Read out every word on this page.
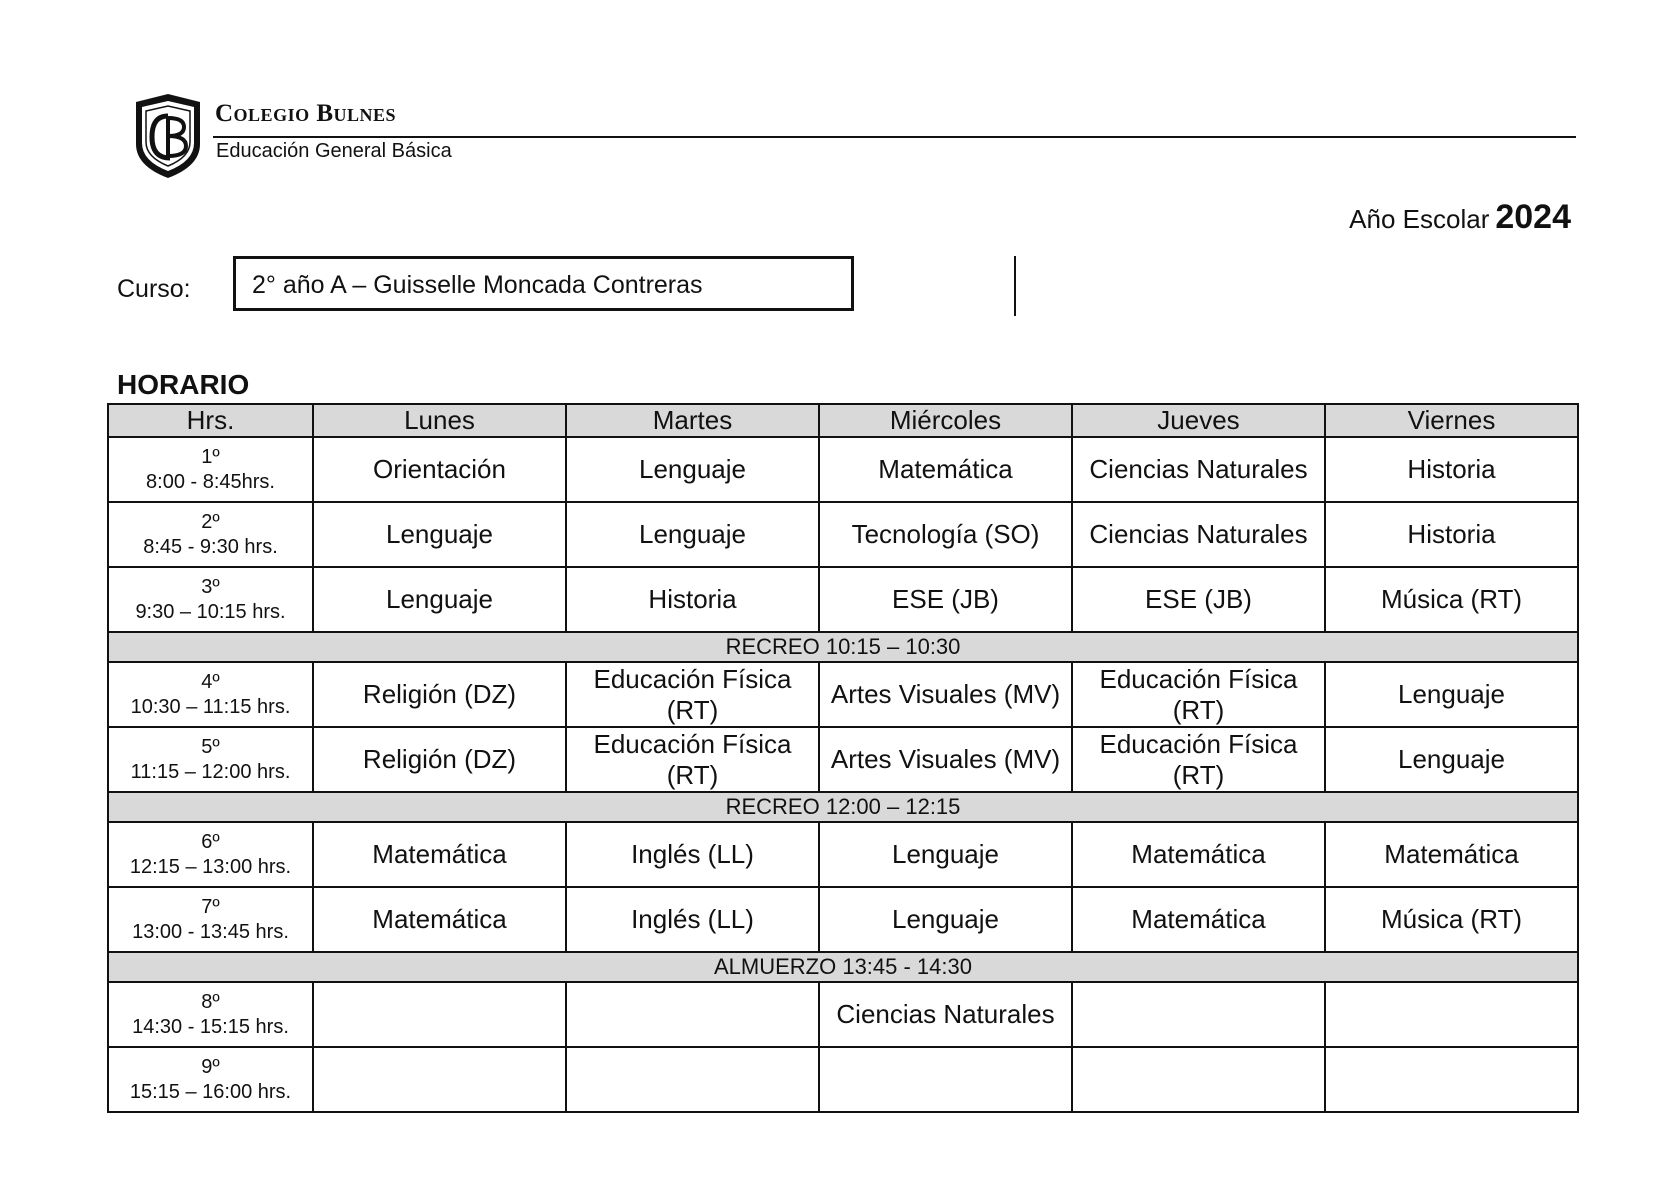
Colegio Bulnes
Educación General Básica
Año Escolar 2024
Curso:	2° año A – Guisselle Moncada Contreras
HORARIO
Hrs.	Lunes	Martes	Miércoles	Jueves	Viernes

1º
8:00 - 8:45hrs.	Orientación	Lenguaje	Matemática	Ciencias Naturales	Historia

2º
8:45 - 9:30 hrs.	Lenguaje	Lenguaje	Tecnología (SO)	Ciencias Naturales	Historia

3º
9:30 – 10:15 hrs.	Lenguaje	Historia	ESE (JB)	ESE (JB)	Música (RT)
RECREO 10:15 – 10:30					

4º
10:30 – 11:15 hrs.	Religión (DZ)	Educación Física (RT)	Artes Visuales (MV)	Educación Física (RT)	Lenguaje

5º
11:15 – 12:00 hrs.	Religión (DZ)	Educación Física (RT)	Artes Visuales (MV)	Educación Física (RT)	Lenguaje
RECREO 12:00 – 12:15					

6º
12:15 – 13:00 hrs.	Matemática	Inglés (LL)	Lenguaje	Matemática	Matemática

7º
13:00 - 13:45 hrs.	Matemática	Inglés (LL)	Lenguaje	Matemática	Música (RT)
ALMUERZO 13:45 - 14:30					

8º
14:30 - 15:15 hrs.			Ciencias Naturales		

9º
15:15 – 16:00 hrs.					
